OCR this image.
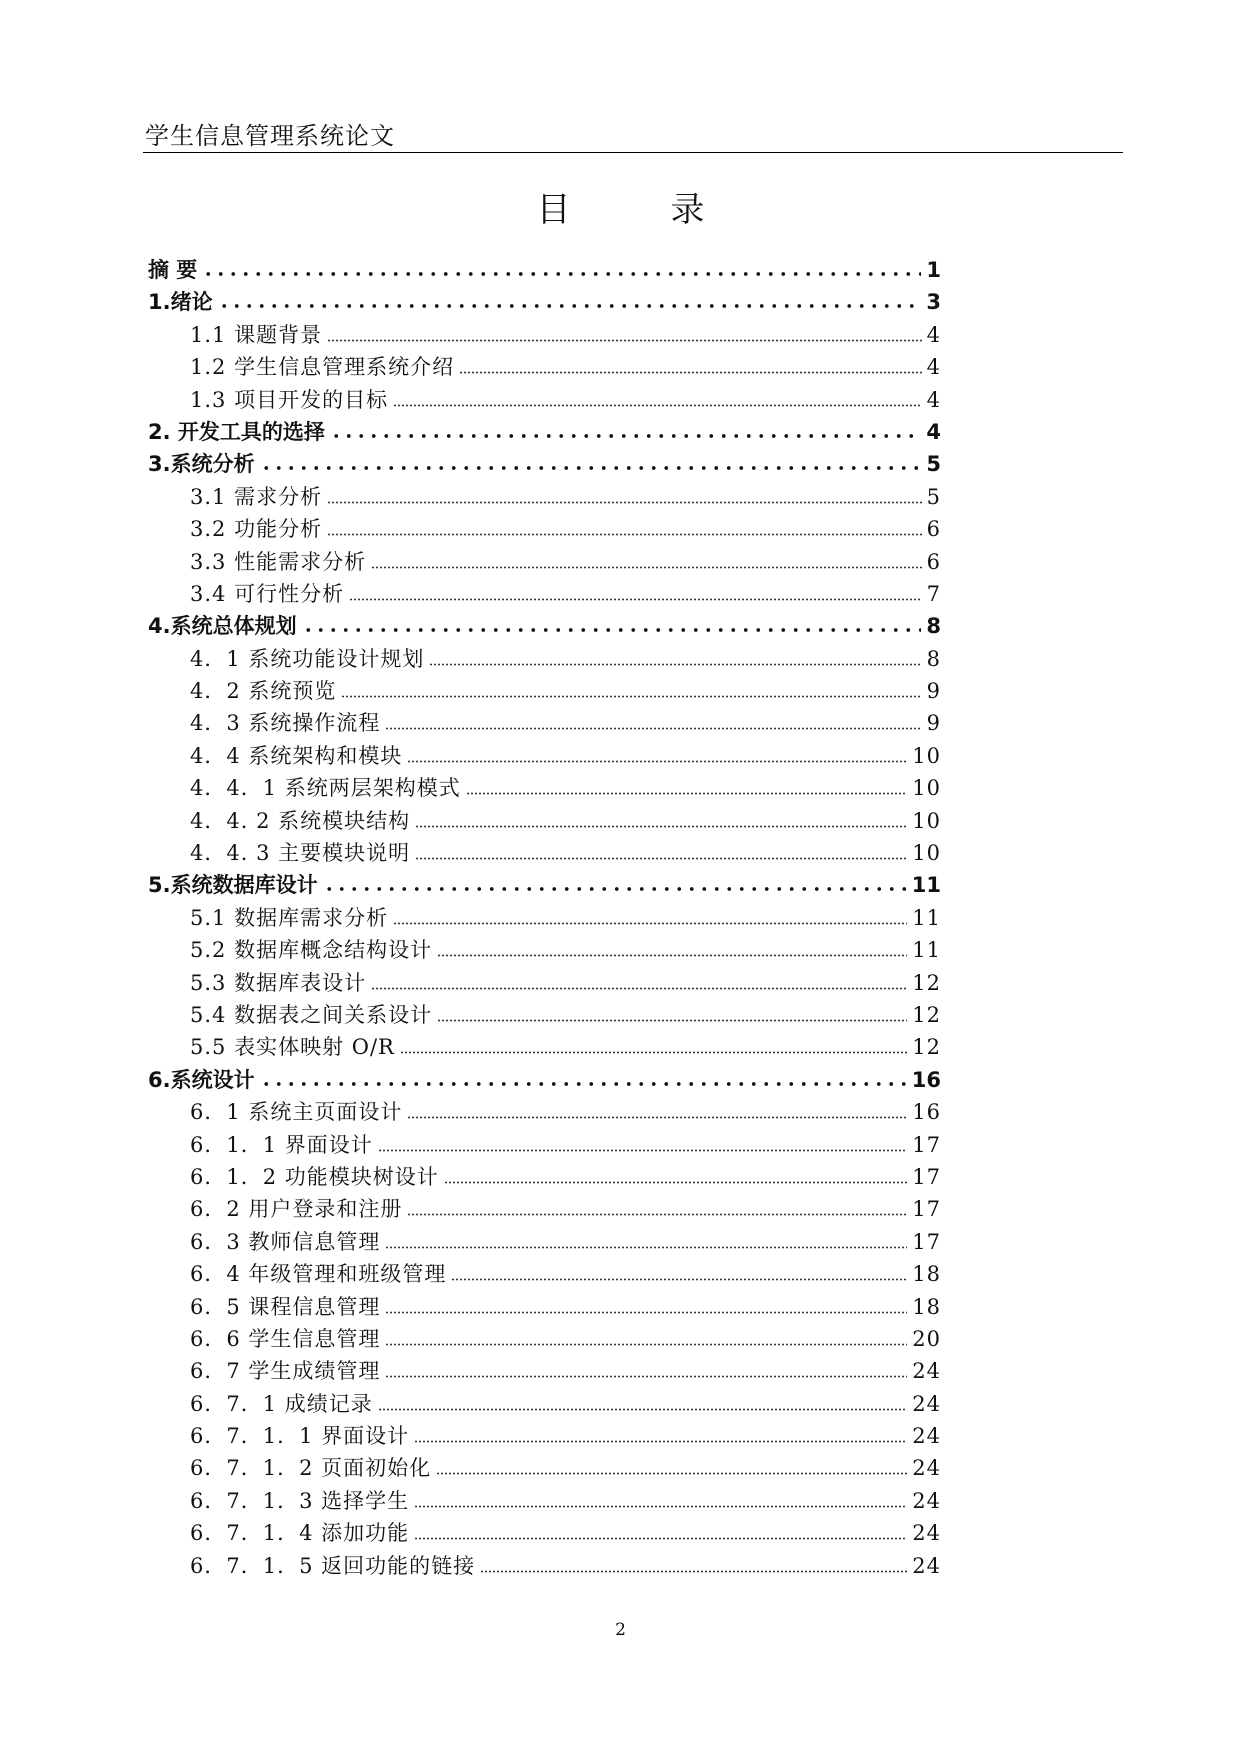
学生信息管理系统论文
目录
摘 要	1
1.绪论	3
1.1 课题背景	4
1.2 学生信息管理系统介绍	4
1.3 项目开发的目标	4
2. 开发工具的选择	4
3.系统分析	5
3.1 需求分析	5
3.2 功能分析	6
3.3 性能需求分析	6
3.4 可行性分析	7
4.系统总体规划	8
4．1 系统功能设计规划	8
4．2 系统预览	9
4．3 系统操作流程	9
4．4 系统架构和模块	10
4．4．1 系统两层架构模式	10
4．4. 2 系统模块结构	10
4．4. 3 主要模块说明	10
5.系统数据库设计	11
5.1 数据库需求分析	11
5.2 数据库概念结构设计	11
5.3 数据库表设计	12
5.4 数据表之间关系设计	12
5.5 表实体映射 O/R	12
6.系统设计	16
6．1 系统主页面设计	16
6．1．1 界面设计	17
6．1．2 功能模块树设计	17
6．2 用户登录和注册	17
6．3 教师信息管理	17
6．4 年级管理和班级管理	18
6．5 课程信息管理	18
6．6 学生信息管理	20
6．7 学生成绩管理	24
6．7．1 成绩记录	24
6．7．1．1 界面设计	24
6．7．1．2 页面初始化	24
6．7．1．3 选择学生	24
6．7．1．4 添加功能	24
6．7．1．5 返回功能的链接	24
2
